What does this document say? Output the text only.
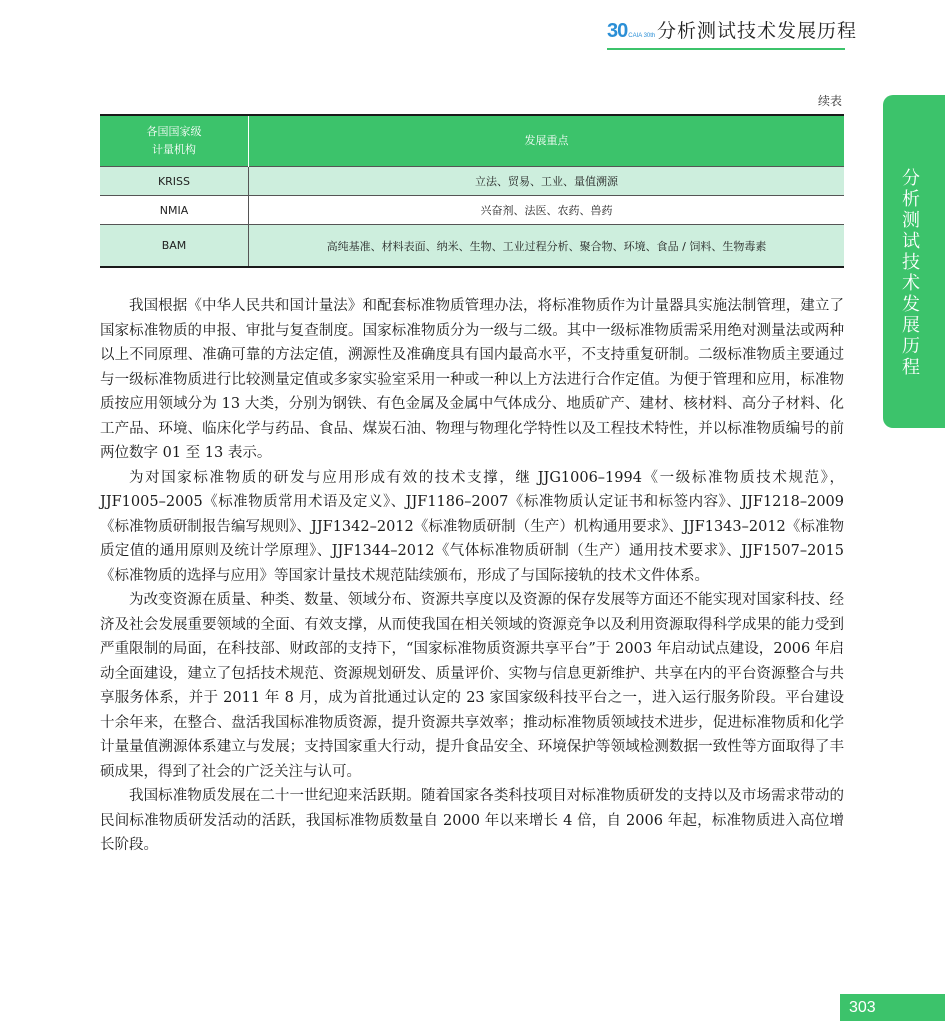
30 CAIA 30th 分析测试技术发展历程
分析测试技术发展历程
续表
各国国家级计量机构	发展重点
KRISS	立法、贸易、工业、量值溯源
NMIA	兴奋剂、法医、农药、兽药
BAM	高纯基准、材料表面、纳米、生物、工业过程分析、聚合物、环境、食品 / 饲料、生物毒素

我国根据《中华人民共和国计量法》和配套标准物质管理办法，将标准物质作为计量器具实施法制管理，建立了国家标准物质的申报、审批与复查制度。国家标准物质分为一级与二级。其中一级标准物质需采用绝对测量法或两种以上不同原理、准确可靠的方法定值，溯源性及准确度具有国内最高水平，不支持重复研制。二级标准物质主要通过与一级标准物质进行比较测量定值或多家实验室采用一种或一种以上方法进行合作定值。为便于管理和应用，标准物质按应用领域分为 13 大类，分别为钢铁、有色金属及金属中气体成分、地质矿产、建材、核材料、高分子材料、化工产品、环境、临床化学与药品、食品、煤炭石油、物理与物理化学特性以及工程技术特性，并以标准物质编号的前两位数字 01 至 13 表示。

为对国家标准物质的研发与应用形成有效的技术支撑，继 JJG1006–1994《一级标准物质技术规范》，JJF1005–2005《标准物质常用术语及定义》、JJF1186–2007《标准物质认定证书和标签内容》、JJF1218–2009《标准物质研制报告编写规则》、JJF1342–2012《标准物质研制（生产）机构通用要求》、JJF1343–2012《标准物质定值的通用原则及统计学原理》、JJF1344–2012《气体标准物质研制（生产）通用技术要求》、JJF1507–2015《标准物质的选择与应用》等国家计量技术规范陆续颁布，形成了与国际接轨的技术文件体系。

为改变资源在质量、种类、数量、领域分布、资源共享度以及资源的保存发展等方面还不能实现对国家科技、经济及社会发展重要领域的全面、有效支撑，从而使我国在相关领域的资源竞争以及利用资源取得科学成果的能力受到严重限制的局面，在科技部、财政部的支持下，“国家标准物质资源共享平台”于 2003 年启动试点建设，2006 年启动全面建设，建立了包括技术规范、资源规划研发、质量评价、实物与信息更新维护、共享在内的平台资源整合与共享服务体系，并于 2011 年 8 月，成为首批通过认定的 23 家国家级科技平台之一，进入运行服务阶段。平台建设十余年来，在整合、盘活我国标准物质资源，提升资源共享效率；推动标准物质领域技术进步，促进标准物质和化学计量量值溯源体系建立与发展；支持国家重大行动，提升食品安全、环境保护等领域检测数据一致性等方面取得了丰硕成果，得到了社会的广泛关注与认可。

我国标准物质发展在二十一世纪迎来活跃期。随着国家各类科技项目对标准物质研发的支持以及市场需求带动的民间标准物质研发活动的活跃，我国标准物质数量自 2000 年以来增长 4 倍，自 2006 年起，标准物质进入高位增长阶段。

303
